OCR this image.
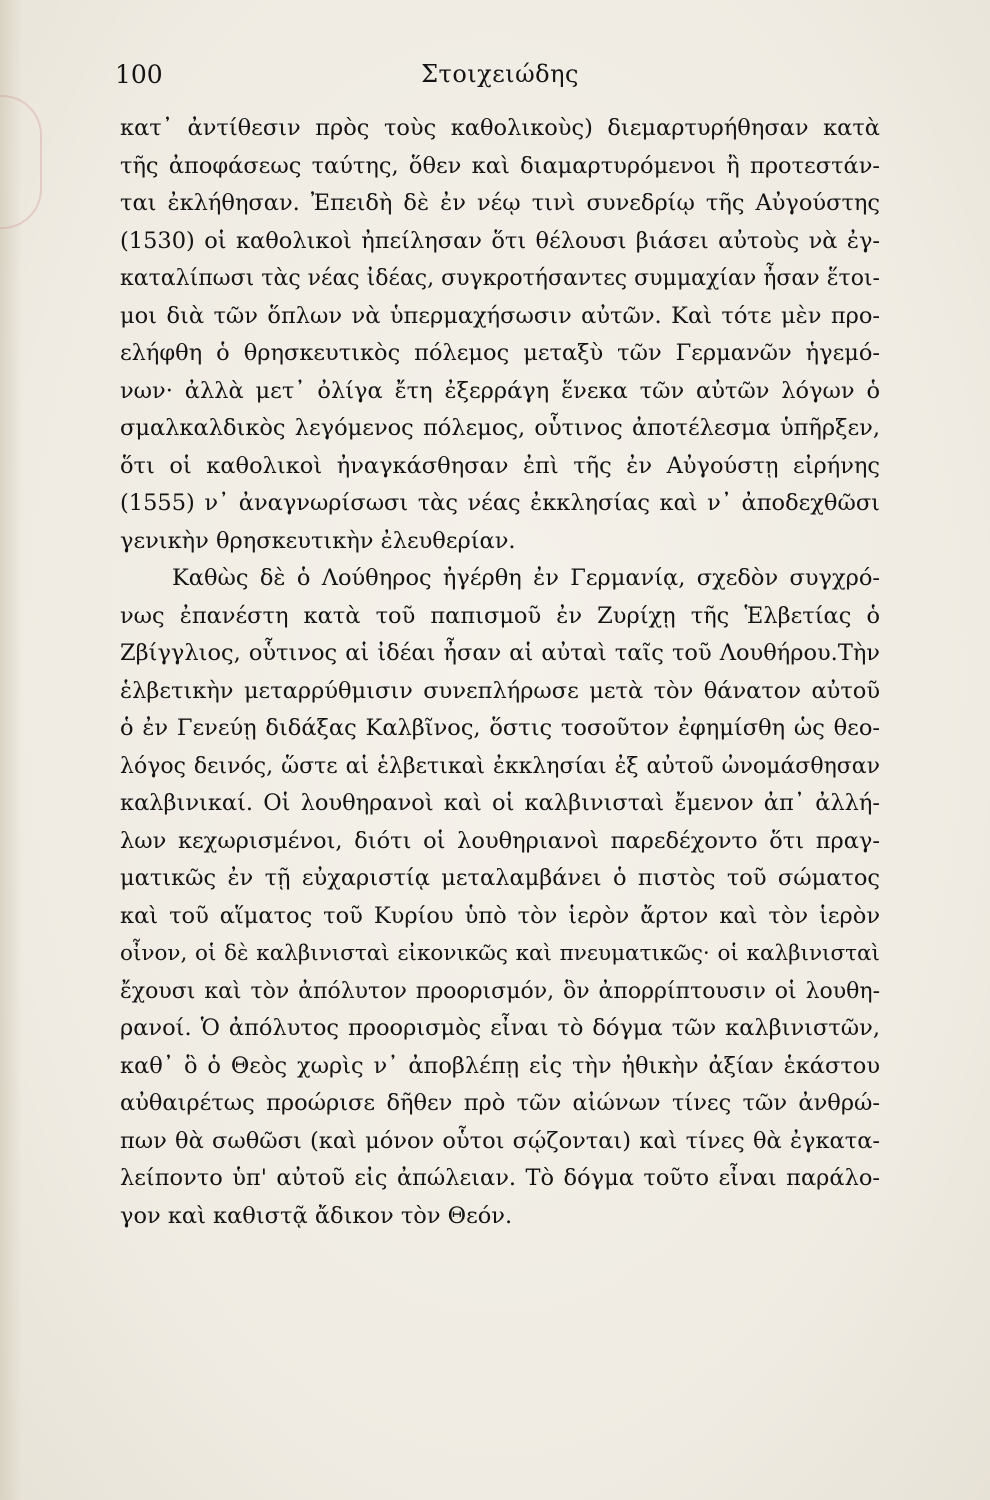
100	Στοιχειώδης
κατ᾽ ἀντίθεσιν πρὸς τοὺς καθολικοὺς) διεμαρτυρήθησαν κατὰ
τῆς ἀποφάσεως ταύτης, ὅθεν καὶ διαμαρτυρόμενοι ἢ προτεστάν-
ται ἐκλήθησαν. Ἐπειδὴ δὲ ἐν νέῳ τινὶ συνεδρίῳ τῆς Αὐγούστης
(1530) οἱ καθολικοὶ ἠπείλησαν ὅτι θέλουσι βιάσει αὐτοὺς νὰ ἐγ-
καταλίπωσι τὰς νέας ἰδέας, συγκροτήσαντες συμμαχίαν ἦσαν ἕτοι-
μοι διὰ τῶν ὅπλων νὰ ὑπερμαχήσωσιν αὐτῶν. Καὶ τότε μὲν προ-
ελήφθη ὁ θρησκευτικὸς πόλεμος μεταξὺ τῶν Γερμανῶν ἡγεμό-
νων· ἀλλὰ μετ᾽ ὀλίγα ἔτη ἐξερράγη ἕνεκα τῶν αὐτῶν λόγων ὁ
σμαλκαλδικὸς λεγόμενος πόλεμος, οὗτινος ἀποτέλεσμα ὑπῆρξεν,
ὅτι οἱ καθολικοὶ ἠναγκάσθησαν ἐπὶ τῆς ἐν Αὐγούστῃ εἰρήνης
(1555) ν᾽ ἀναγνωρίσωσι τὰς νέας ἐκκλησίας καὶ ν᾽ ἀποδεχθῶσι
γενικὴν θρησκευτικὴν ἐλευθερίαν.
Καθὼς δὲ ὁ Λούθηρος ἠγέρθη ἐν Γερμανίᾳ, σχεδὸν συγχρό-
νως ἐπανέστη κατὰ τοῦ παπισμοῦ ἐν Ζυρίχῃ τῆς Ἑλβετίας ὁ
Ζβίγγλιος, οὗτινος αἱ ἰδέαι ἦσαν αἱ αὐταὶ ταῖς τοῦ Λουθήρου.Τὴν
ἑλβετικὴν μεταρρύθμισιν συνεπλήρωσε μετὰ τὸν θάνατον αὐτοῦ
ὁ ἐν Γενεύῃ διδάξας Καλβῖνος, ὅστις τοσοῦτον ἐφημίσθη ὡς θεο-
λόγος δεινός, ὥστε αἱ ἑλβετικαὶ ἐκκλησίαι ἐξ αὐτοῦ ὠνομάσθησαν
καλβινικαί. Οἱ λουθηρανοὶ καὶ οἱ καλβινισταὶ ἔμενον ἀπ᾽ ἀλλή-
λων κεχωρισμένοι, διότι οἱ λουθηριανοὶ παρεδέχοντο ὅτι πραγ-
ματικῶς ἐν τῇ εὐχαριστίᾳ μεταλαμβάνει ὁ πιστὸς τοῦ σώματος
καὶ τοῦ αἵματος τοῦ Κυρίου ὑπὸ τὸν ἱερὸν ἄρτον καὶ τὸν ἱερὸν
οἶνον, οἱ δὲ καλβινισταὶ εἰκονικῶς καὶ πνευματικῶς· οἱ καλβινισταὶ
ἔχουσι καὶ τὸν ἀπόλυτον προορισμόν, ὃν ἀπορρίπτουσιν οἱ λουθη-
ρανοί. Ὁ ἀπόλυτος προορισμὸς εἶναι τὸ δόγμα τῶν καλβινιστῶν,
καθ᾽ ὃ ὁ Θεὸς χωρὶς ν᾽ ἀποβλέπῃ εἰς τὴν ἠθικὴν ἀξίαν ἑκάστου
αὐθαιρέτως προώρισε δῆθεν πρὸ τῶν αἰώνων τίνες τῶν ἀνθρώ-
πων θὰ σωθῶσι (καὶ μόνον οὗτοι σῴζονται) καὶ τίνες θὰ ἐγκατα-
λείποντο ὑπ' αὐτοῦ εἰς ἀπώλειαν. Τὸ δόγμα τοῦτο εἶναι παράλο-
γον καὶ καθιστᾷ ἄδικον τὸν Θεόν.
